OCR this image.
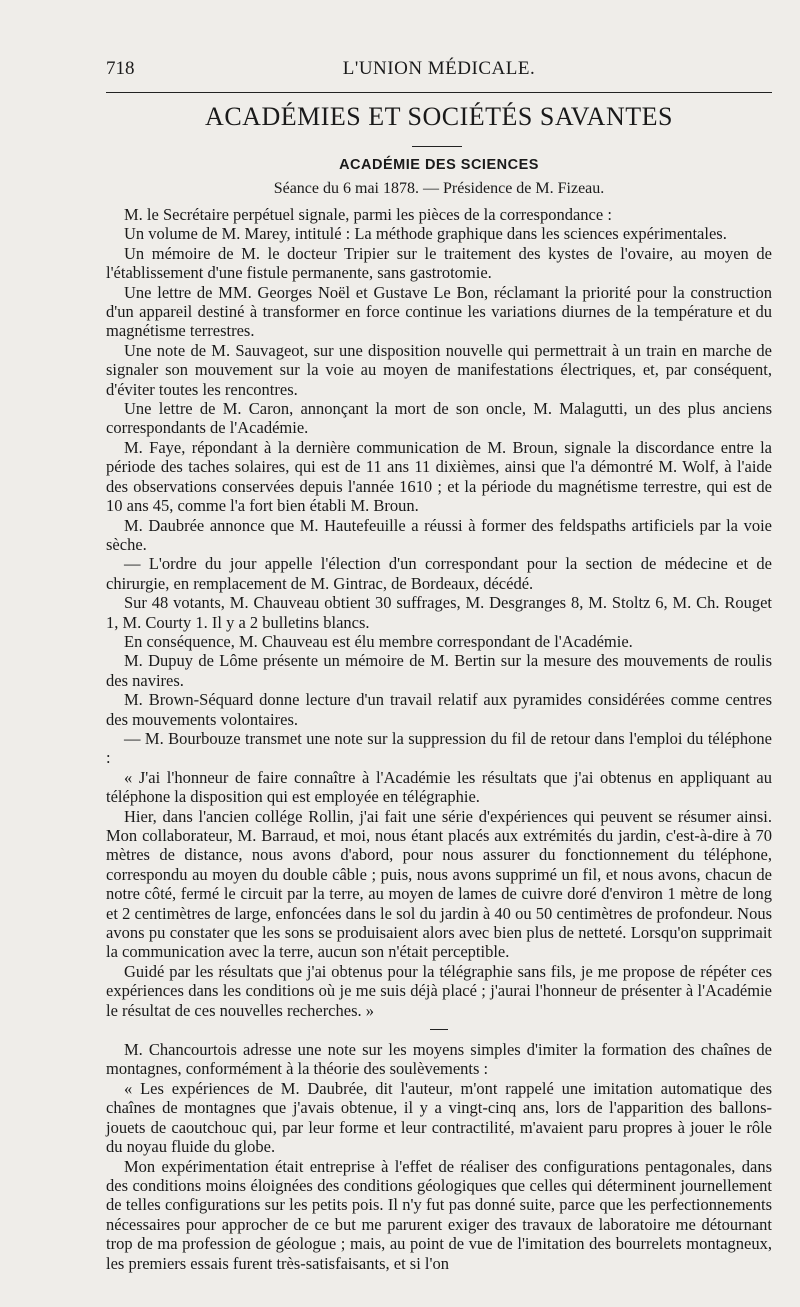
718	L'UNION MÉDICALE.
ACADÉMIES ET SOCIÉTÉS SAVANTES
ACADÉMIE DES SCIENCES
Séance du 6 mai 1878. — Présidence de M. Fizeau.

M. le Secrétaire perpétuel signale, parmi les pièces de la correspondance :

Un volume de M. Marey, intitulé : La méthode graphique dans les sciences expérimentales.

Un mémoire de M. le docteur Tripier sur le traitement des kystes de l'ovaire, au moyen de l'établissement d'une fistule permanente, sans gastrotomie.

Une lettre de MM. Georges Noël et Gustave Le Bon, réclamant la priorité pour la construction d'un appareil destiné à transformer en force continue les variations diurnes de la température et du magnétisme terrestres.

Une note de M. Sauvageot, sur une disposition nouvelle qui permettrait à un train en marche de signaler son mouvement sur la voie au moyen de manifestations électriques, et, par conséquent, d'éviter toutes les rencontres.

Une lettre de M. Caron, annonçant la mort de son oncle, M. Malagutti, un des plus anciens correspondants de l'Académie.

M. Faye, répondant à la dernière communication de M. Broun, signale la discordance entre la période des taches solaires, qui est de 11 ans 11 dixièmes, ainsi que l'a démontré M. Wolf, à l'aide des observations conservées depuis l'année 1610 ; et la période du magnétisme terrestre, qui est de 10 ans 45, comme l'a fort bien établi M. Broun.

M. Daubrée annonce que M. Hautefeuille a réussi à former des feldspaths artificiels par la voie sèche.

— L'ordre du jour appelle l'élection d'un correspondant pour la section de médecine et de chirurgie, en remplacement de M. Gintrac, de Bordeaux, décédé.

Sur 48 votants, M. Chauveau obtient 30 suffrages, M. Desgranges 8, M. Stoltz 6, M. Ch. Rouget 1, M. Courty 1. Il y a 2 bulletins blancs.

En conséquence, M. Chauveau est élu membre correspondant de l'Académie.

M. Dupuy de Lôme présente un mémoire de M. Bertin sur la mesure des mouvements de roulis des navires.

M. Brown-Séquard donne lecture d'un travail relatif aux pyramides considérées comme centres des mouvements volontaires.

— M. Bourbouze transmet une note sur la suppression du fil de retour dans l'emploi du téléphone :

« J'ai l'honneur de faire connaître à l'Académie les résultats que j'ai obtenus en appliquant au téléphone la disposition qui est employée en télégraphie.

Hier, dans l'ancien collége Rollin, j'ai fait une série d'expériences qui peuvent se résumer ainsi. Mon collaborateur, M. Barraud, et moi, nous étant placés aux extrémités du jardin, c'est-à-dire à 70 mètres de distance, nous avons d'abord, pour nous assurer du fonctionnement du téléphone, correspondu au moyen du double câble ; puis, nous avons supprimé un fil, et nous avons, chacun de notre côté, fermé le circuit par la terre, au moyen de lames de cuivre doré d'environ 1 mètre de long et 2 centimètres de large, enfoncées dans le sol du jardin à 40 ou 50 centimètres de profondeur. Nous avons pu constater que les sons se produisaient alors avec bien plus de netteté. Lorsqu'on supprimait la communication avec la terre, aucun son n'était perceptible.

Guidé par les résultats que j'ai obtenus pour la télégraphie sans fils, je me propose de répéter ces expériences dans les conditions où je me suis déjà placé ; j'aurai l'honneur de présenter à l'Académie le résultat de ces nouvelles recherches. »

M. Chancourtois adresse une note sur les moyens simples d'imiter la formation des chaînes de montagnes, conformément à la théorie des soulèvements :

« Les expériences de M. Daubrée, dit l'auteur, m'ont rappelé une imitation automatique des chaînes de montagnes que j'avais obtenue, il y a vingt-cinq ans, lors de l'apparition des ballons-jouets de caoutchouc qui, par leur forme et leur contractilité, m'avaient paru propres à jouer le rôle du noyau fluide du globe.

Mon expérimentation était entreprise à l'effet de réaliser des configurations pentagonales, dans des conditions moins éloignées des conditions géologiques que celles qui déterminent journellement de telles configurations sur les petits pois. Il n'y fut pas donné suite, parce que les perfectionnements nécessaires pour approcher de ce but me parurent exiger des travaux de laboratoire me détournant trop de ma profession de géologue ; mais, au point de vue de l'imitation des bourrelets montagneux, les premiers essais furent très-satisfaisants, et si l'on
